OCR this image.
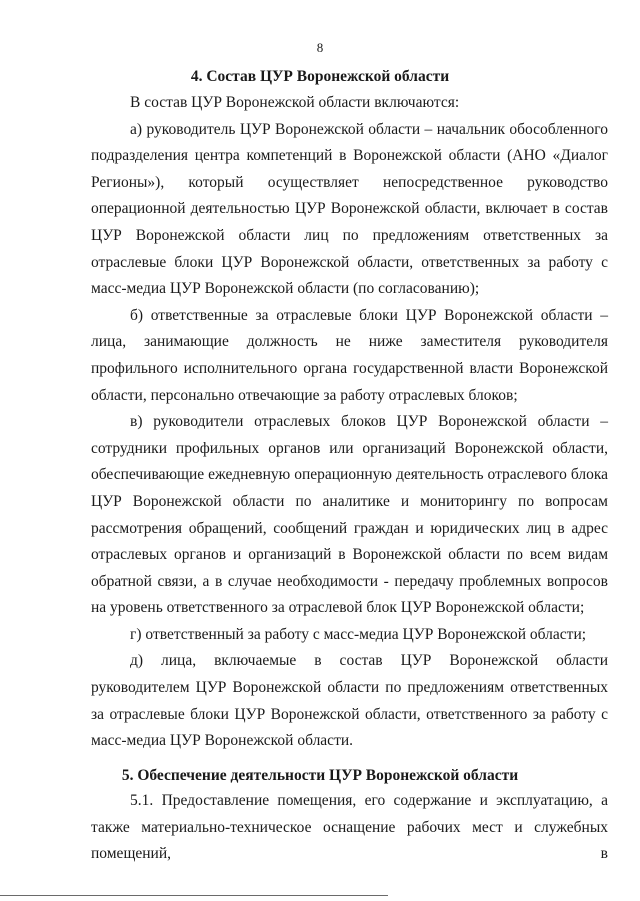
8
4. Состав ЦУР Воронежской области

В состав ЦУР Воронежской области включаются:

а) руководитель ЦУР Воронежской области – начальник обособленного подразделения центра компетенций в Воронежской области (АНО «Диалог Регионы»), который осуществляет непосредственное руководство операционной деятельностью ЦУР Воронежской области, включает в состав ЦУР Воронежской области лиц по предложениям ответственных за отраслевые блоки ЦУР Воронежской области, ответственных за работу с масс-медиа ЦУР Воронежской области (по согласованию);

б) ответственные за отраслевые блоки ЦУР Воронежской области – лица, занимающие должность не ниже заместителя руководителя профильного исполнительного органа государственной власти Воронежской области, персонально отвечающие за работу отраслевых блоков;

в) руководители отраслевых блоков ЦУР Воронежской области – сотрудники профильных органов или организаций Воронежской области, обеспечивающие ежедневную операционную деятельность отраслевого блока ЦУР Воронежской области по аналитике и мониторингу по вопросам рассмотрения обращений, сообщений граждан и юридических лиц в адрес отраслевых органов и организаций в Воронежской области по всем видам обратной связи, а в случае необходимости - передачу проблемных вопросов на уровень ответственного за отраслевой блок ЦУР Воронежской области;

г) ответственный за работу с масс-медиа ЦУР Воронежской области;

д) лица, включаемые в состав ЦУР Воронежской области руководителем ЦУР Воронежской области по предложениям ответственных за отраслевые блоки ЦУР Воронежской области, ответственного за работу с масс-медиа ЦУР Воронежской области.

5. Обеспечение деятельности ЦУР Воронежской области

5.1. Предоставление помещения, его содержание и эксплуатацию, а также материально-техническое оснащение рабочих мест и служебных помещений, в
